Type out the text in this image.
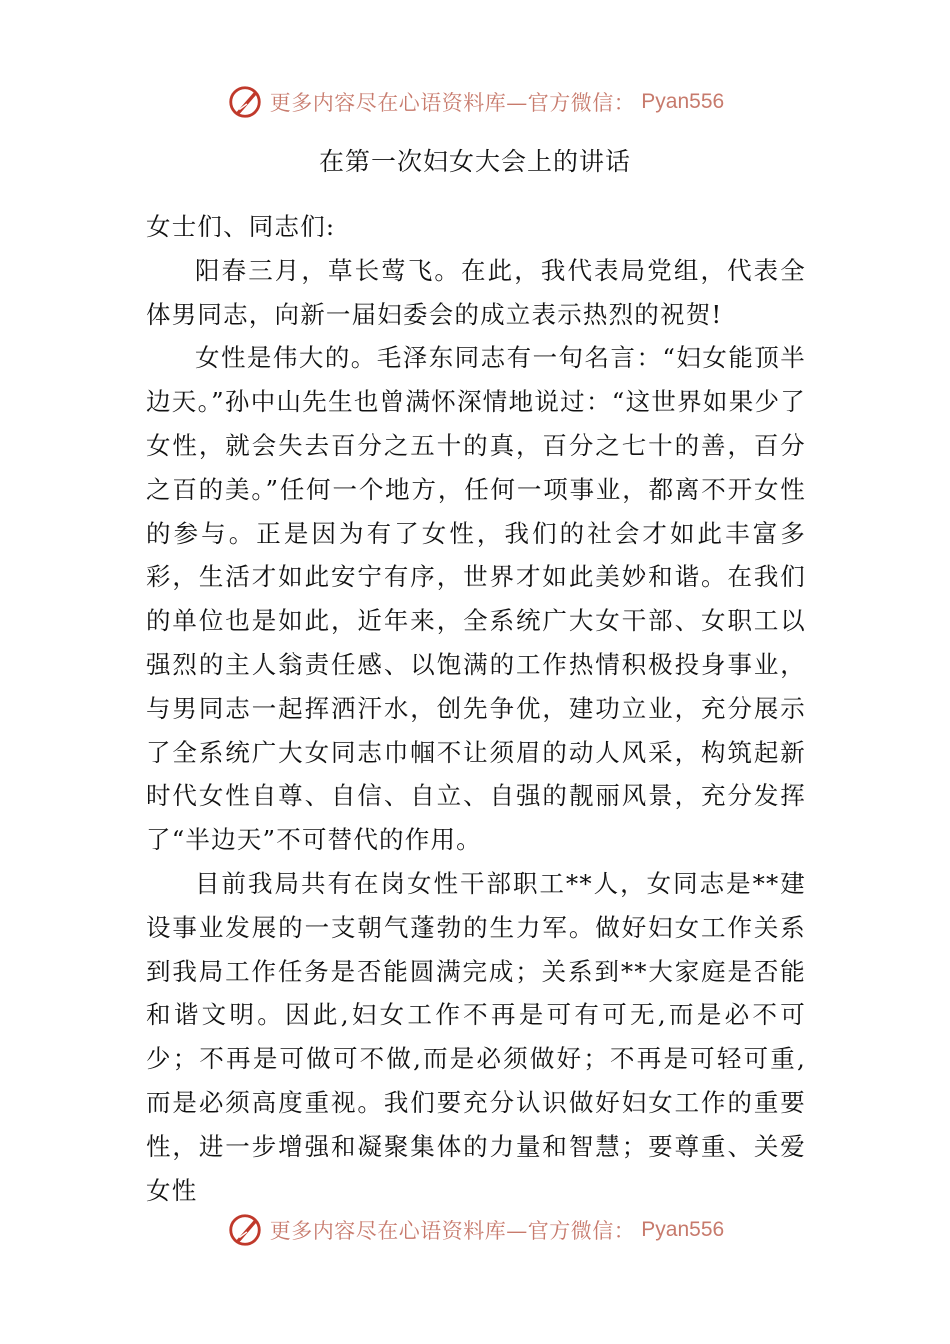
更多内容尽在心语资料库—官方微信： Pyan556
在第一次妇女大会上的讲话

女士们、同志们:

阳春三月，草长莺飞。在此，我代表局党组，代表全体男同志，向新一届妇委会的成立表示热烈的祝贺!

女性是伟大的。毛泽东同志有一句名言：“妇女能顶半边天。”孙中山先生也曾满怀深情地说过：“这世界如果少了女性，就会失去百分之五十的真，百分之七十的善，百分之百的美。”任何一个地方，任何一项事业，都离不开女性的参与。正是因为有了女性，我们的社会才如此丰富多彩，生活才如此安宁有序，世界才如此美妙和谐。在我们的单位也是如此，近年来，全系统广大女干部、女职工以强烈的主人翁责任感、以饱满的工作热情积极投身事业，与男同志一起挥洒汗水，创先争优，建功立业，充分展示了全系统广大女同志巾帼不让须眉的动人风采，构筑起新时代女性自尊、自信、自立、自强的靓丽风景，充分发挥了“半边天”不可替代的作用。

目前我局共有在岗女性干部职工**人，女同志是**建设事业发展的一支朝气蓬勃的生力军。做好妇女工作关系到我局工作任务是否能圆满完成；关系到**大家庭是否能和谐文明。因此,妇女工作不再是可有可无,而是必不可少；不再是可做可不做,而是必须做好；不再是可轻可重,而是必须高度重视。我们要充分认识做好妇女工作的重要性，进一步增强和凝聚集体的力量和智慧；要尊重、关爱女性

更多内容尽在心语资料库—官方微信： Pyan556
